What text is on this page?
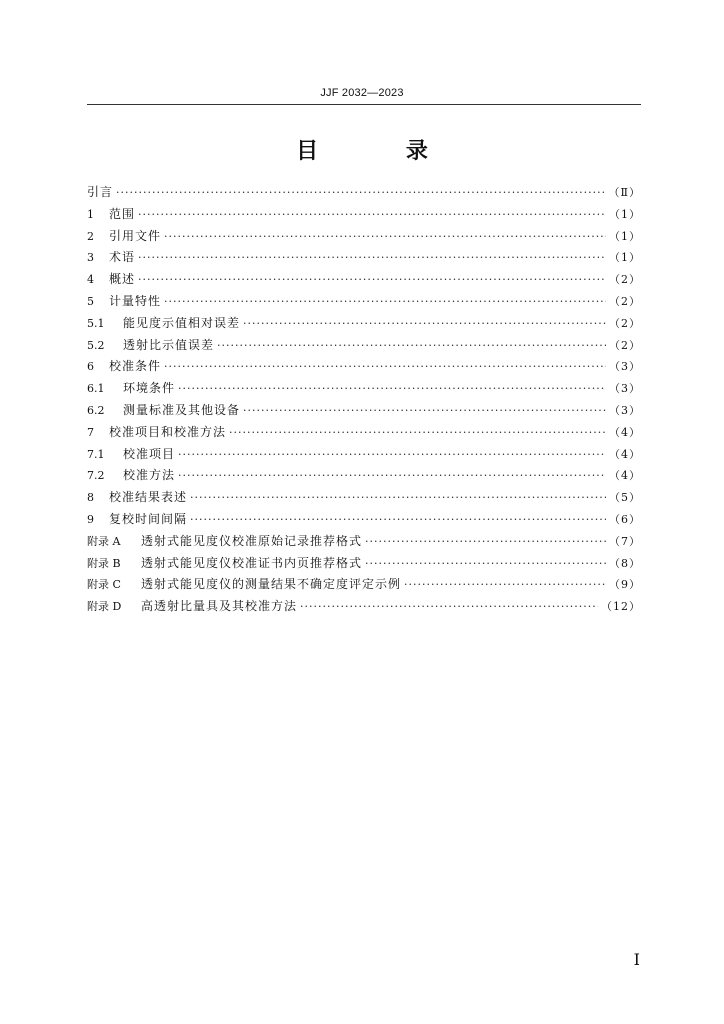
JJF 2032—2023
目 录
引言 ·····	（Ⅱ）
1	范围 ·····	（1）
2	引用文件 ·····	（1）
3	术语 ·····	（1）
4	概述 ·····	（2）
5	计量特性 ·····	（2）
5.1	能见度示值相对误差 ·····	（2）
5.2	透射比示值误差 ·····	（2）
6	校准条件 ·····	（3）
6.1	环境条件 ·····	（3）
6.2	测量标准及其他设备 ·····	（3）
7	校准项目和校准方法 ·····	（4）
7.1	校准项目 ·····	（4）
7.2	校准方法 ·····	（4）
8	校准结果表述 ·····	（5）
9	复校时间间隔 ·····	（6）
附录 A	透射式能见度仪校准原始记录推荐格式 ·····	（7）
附录 B	透射式能见度仪校准证书内页推荐格式 ·····	（8）
附录 C	透射式能见度仪的测量结果不确定度评定示例 ·····	（9）
附录 D	高透射比量具及其校准方法 ·····	（12）
I
